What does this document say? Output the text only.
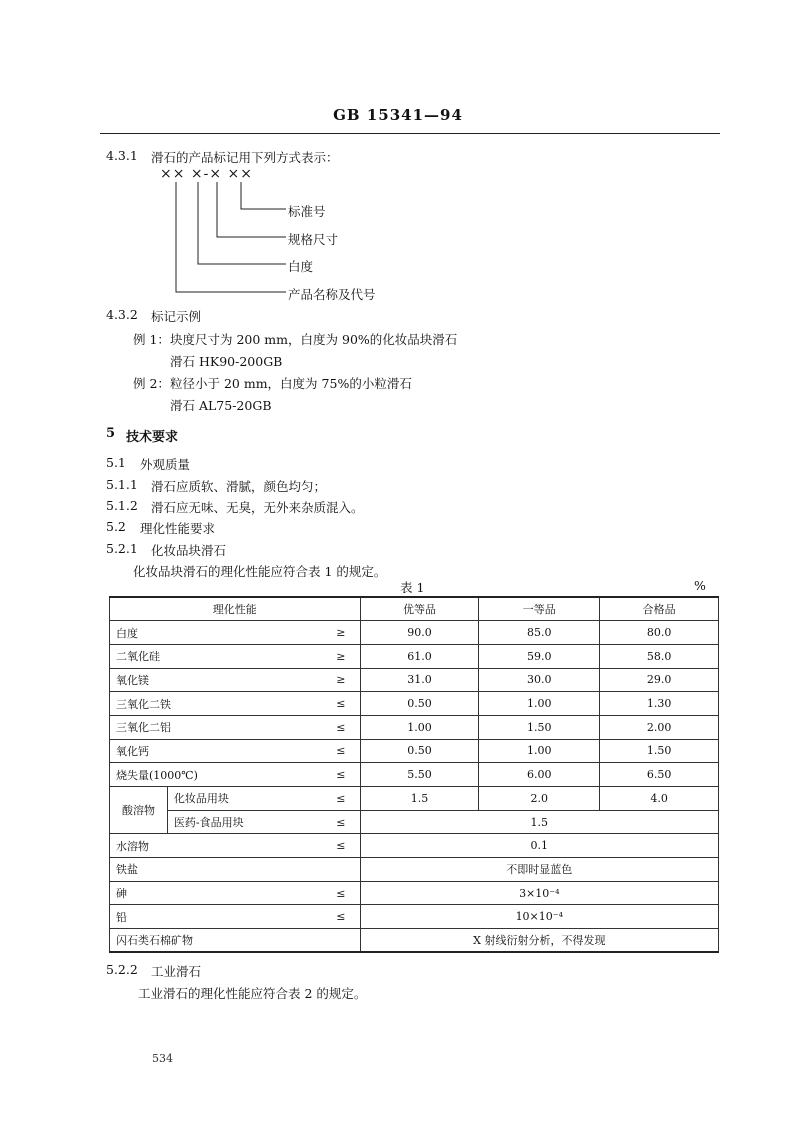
GB 15341—94
4.3.1 滑石的产品标记用下列方式表示：
×× ×-× ××
标准号
规格尺寸
白度
产品名称及代号
4.3.2 标记示例
例 1： 块度尺寸为 200 mm，白度为 90%的化妆品块滑石
滑石 HK90-200GB
例 2： 粒径小于 20 mm，白度为 75%的小粒滑石
滑石 AL75-20GB
5 技术要求
5.1 外观质量
5.1.1 滑石应质软、滑腻，颜色均匀；
5.1.2 滑石应无味、无臭，无外来杂质混入。
5.2 理化性能要求
5.2.1 化妆品块滑石
化妆品块滑石的理化性能应符合表 1 的规定。
表 1	%
理化性能			优等品	一等品	合格品
白度		≥	90.0	85.0	80.0
二氧化硅		≥	61.0	59.0	58.0
氧化镁		≥	31.0	30.0	29.0
三氧化二铁		≤	0.50	1.00	1.30
三氧化二铝		≤	1.00	1.50	2.00
氧化钙		≤	0.50	1.00	1.50
烧失量(1000℃)		≤	5.50	6.00	6.50
酸溶物	化妆品用块	≤	1.5	2.0	4.0
	医药-食品用块	≤	1.5		
水溶物		≤	0.1		
铁盐			不即时显蓝色		
砷		≤	3×10⁻⁴		
铅		≤	10×10⁻⁴		
闪石类石棉矿物			X 射线衍射分析，不得发现		
5.2.2 工业滑石
工业滑石的理化性能应符合表 2 的规定。
534
